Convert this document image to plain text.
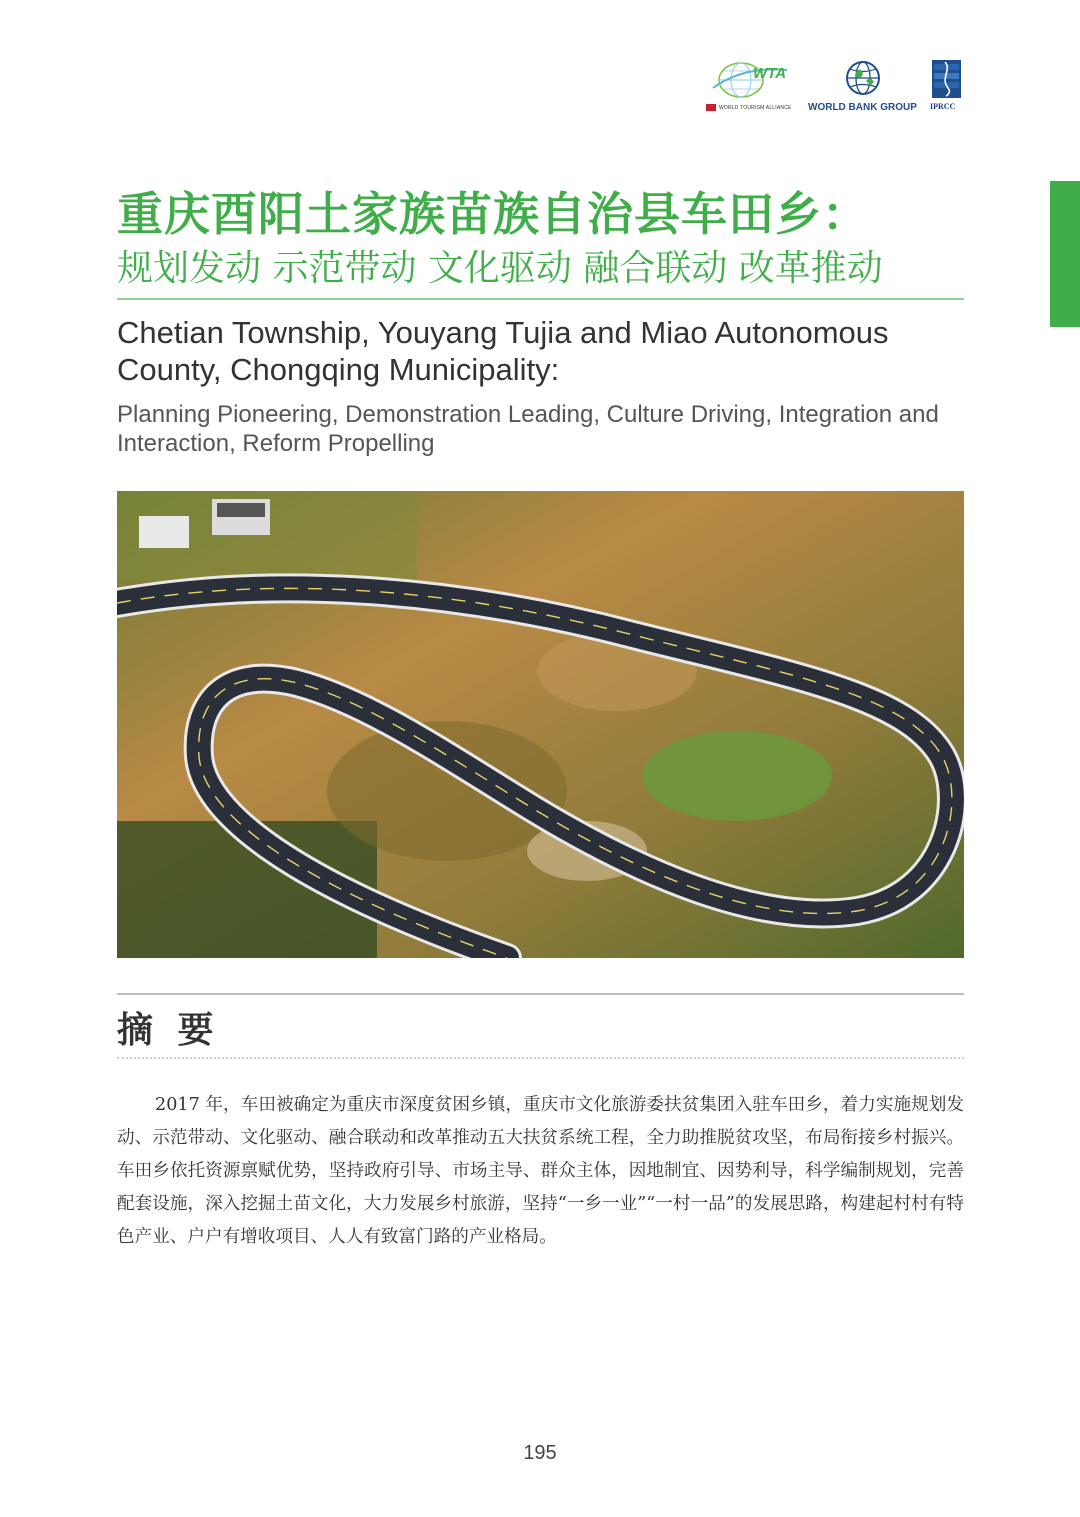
WTA
WORLD TOURISM ALLIANCE WORLD BANK GROUP IPRCC
重庆酉阳土家族苗族自治县车田乡：
规划发动 示范带动 文化驱动 融合联动 改革推动
Chetian Township, Youyang Tujia and Miao Autonomous County, Chongqing Municipality:

Planning Pioneering, Demonstration Leading, Culture Driving, Integration and Interaction, Reform Propelling

摘 要

2017 年，车田被确定为重庆市深度贫困乡镇，重庆市文化旅游委扶贫集团入驻车田乡，着力实施规划发动、示范带动、文化驱动、融合联动和改革推动五大扶贫系统工程，全力助推脱贫攻坚，布局衔接乡村振兴。车田乡依托资源禀赋优势，坚持政府引导、市场主导、群众主体，因地制宜、因势利导，科学编制规划，完善配套设施，深入挖掘土苗文化，大力发展乡村旅游，坚持“一乡一业”“一村一品”的发展思路，构建起村村有特色产业、户户有增收项目、人人有致富门路的产业格局。

195
